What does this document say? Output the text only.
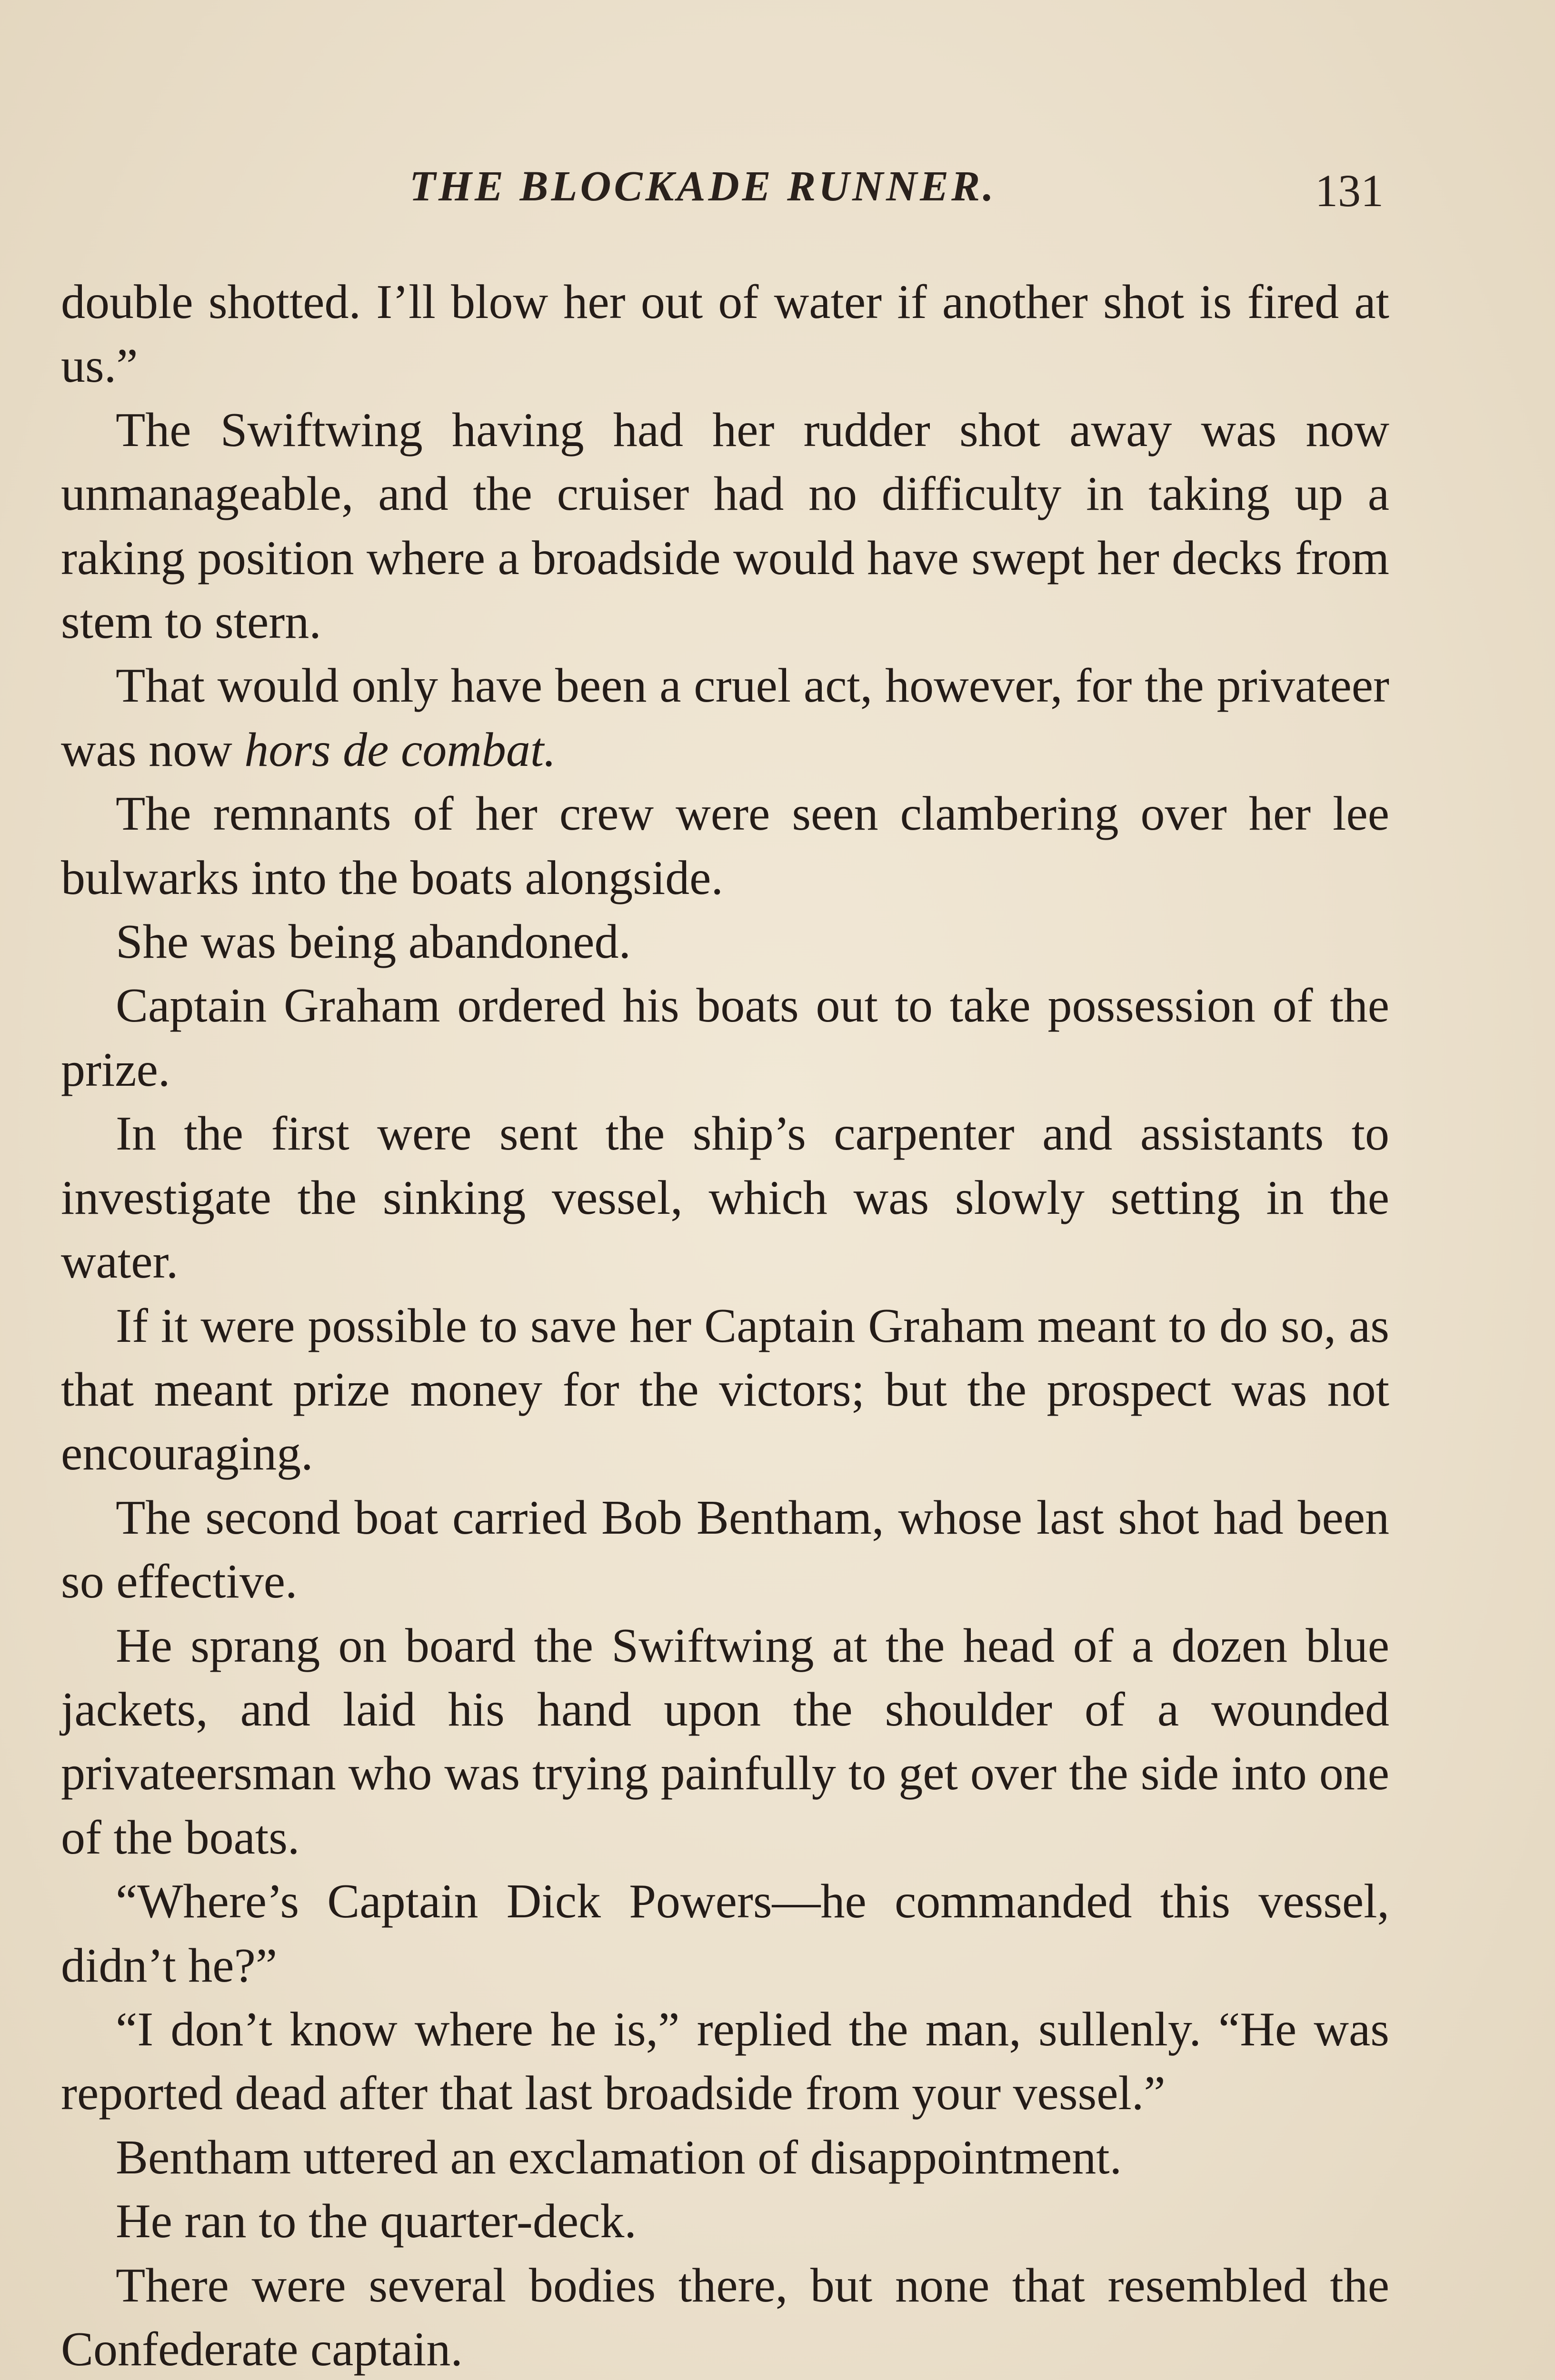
THE BLOCKADE RUNNER.	131

double shotted. I’ll blow her out of water if another shot is fired at us.”

The Swiftwing having had her rudder shot away was now unmanageable, and the cruiser had no difficulty in taking up a raking position where a broadside would have swept her decks from stem to stern.

That would only have been a cruel act, however, for the privateer was now hors de combat.

The remnants of her crew were seen clambering over her lee bulwarks into the boats alongside.

She was being abandoned.

Captain Graham ordered his boats out to take possession of the prize.

In the first were sent the ship’s carpenter and assistants to investigate the sinking vessel, which was slowly setting in the water.

If it were possible to save her Captain Graham meant to do so, as that meant prize money for the victors; but the prospect was not encouraging.

The second boat carried Bob Bentham, whose last shot had been so effective.

He sprang on board the Swiftwing at the head of a dozen blue jackets, and laid his hand upon the shoulder of a wounded privateersman who was trying painfully to get over the side into one of the boats.

“Where’s Captain Dick Powers—he commanded this vessel, didn’t he?”

“I don’t know where he is,” replied the man, sullenly. “He was reported dead after that last broadside from your vessel.”

Bentham uttered an exclamation of disappointment.

He ran to the quarter-deck.

There were several bodies there, but none that resembled the Confederate captain.
